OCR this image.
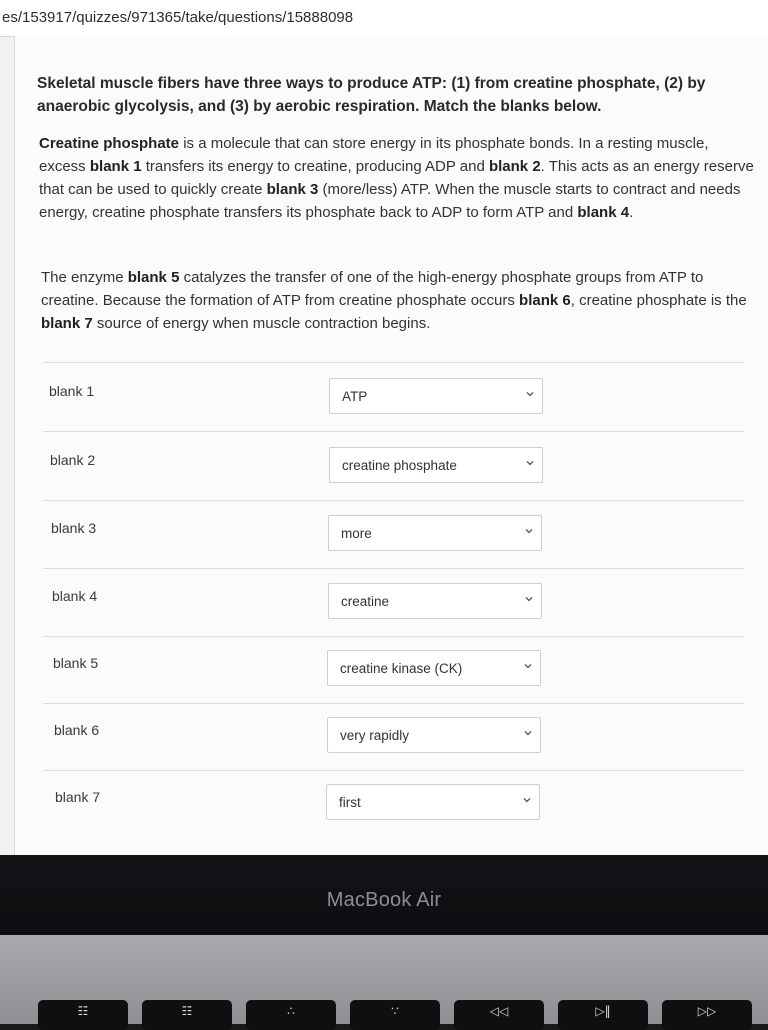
es/153917/quizzes/971365/take/questions/15888098
Skeletal muscle fibers have three ways to produce ATP: (1) from creatine phosphate, (2) by anaerobic glycolysis, and (3) by aerobic respiration. Match the blanks below.
Creatine phosphate is a molecule that can store energy in its phosphate bonds. In a resting muscle, excess blank 1 transfers its energy to creatine, producing ADP and blank 2. This acts as an energy reserve that can be used to quickly create blank 3 (more/less) ATP. When the muscle starts to contract and needs energy, creatine phosphate transfers its phosphate back to ADP to form ATP and blank 4.
The enzyme blank 5 catalyzes the transfer of one of the high-energy phosphate groups from ATP to creatine. Because the formation of ATP from creatine phosphate occurs blank 6, creatine phosphate is the blank 7 source of energy when muscle contraction begins.
blank 1	ATP
blank 2	creatine phosphate
blank 3	more
blank 4	creatine
blank 5	creatine kinase (CK)
blank 6	very rapidly
blank 7	first
MacBook Air
☷	☷	∴	∵	◁◁	▷‖	▷▷
